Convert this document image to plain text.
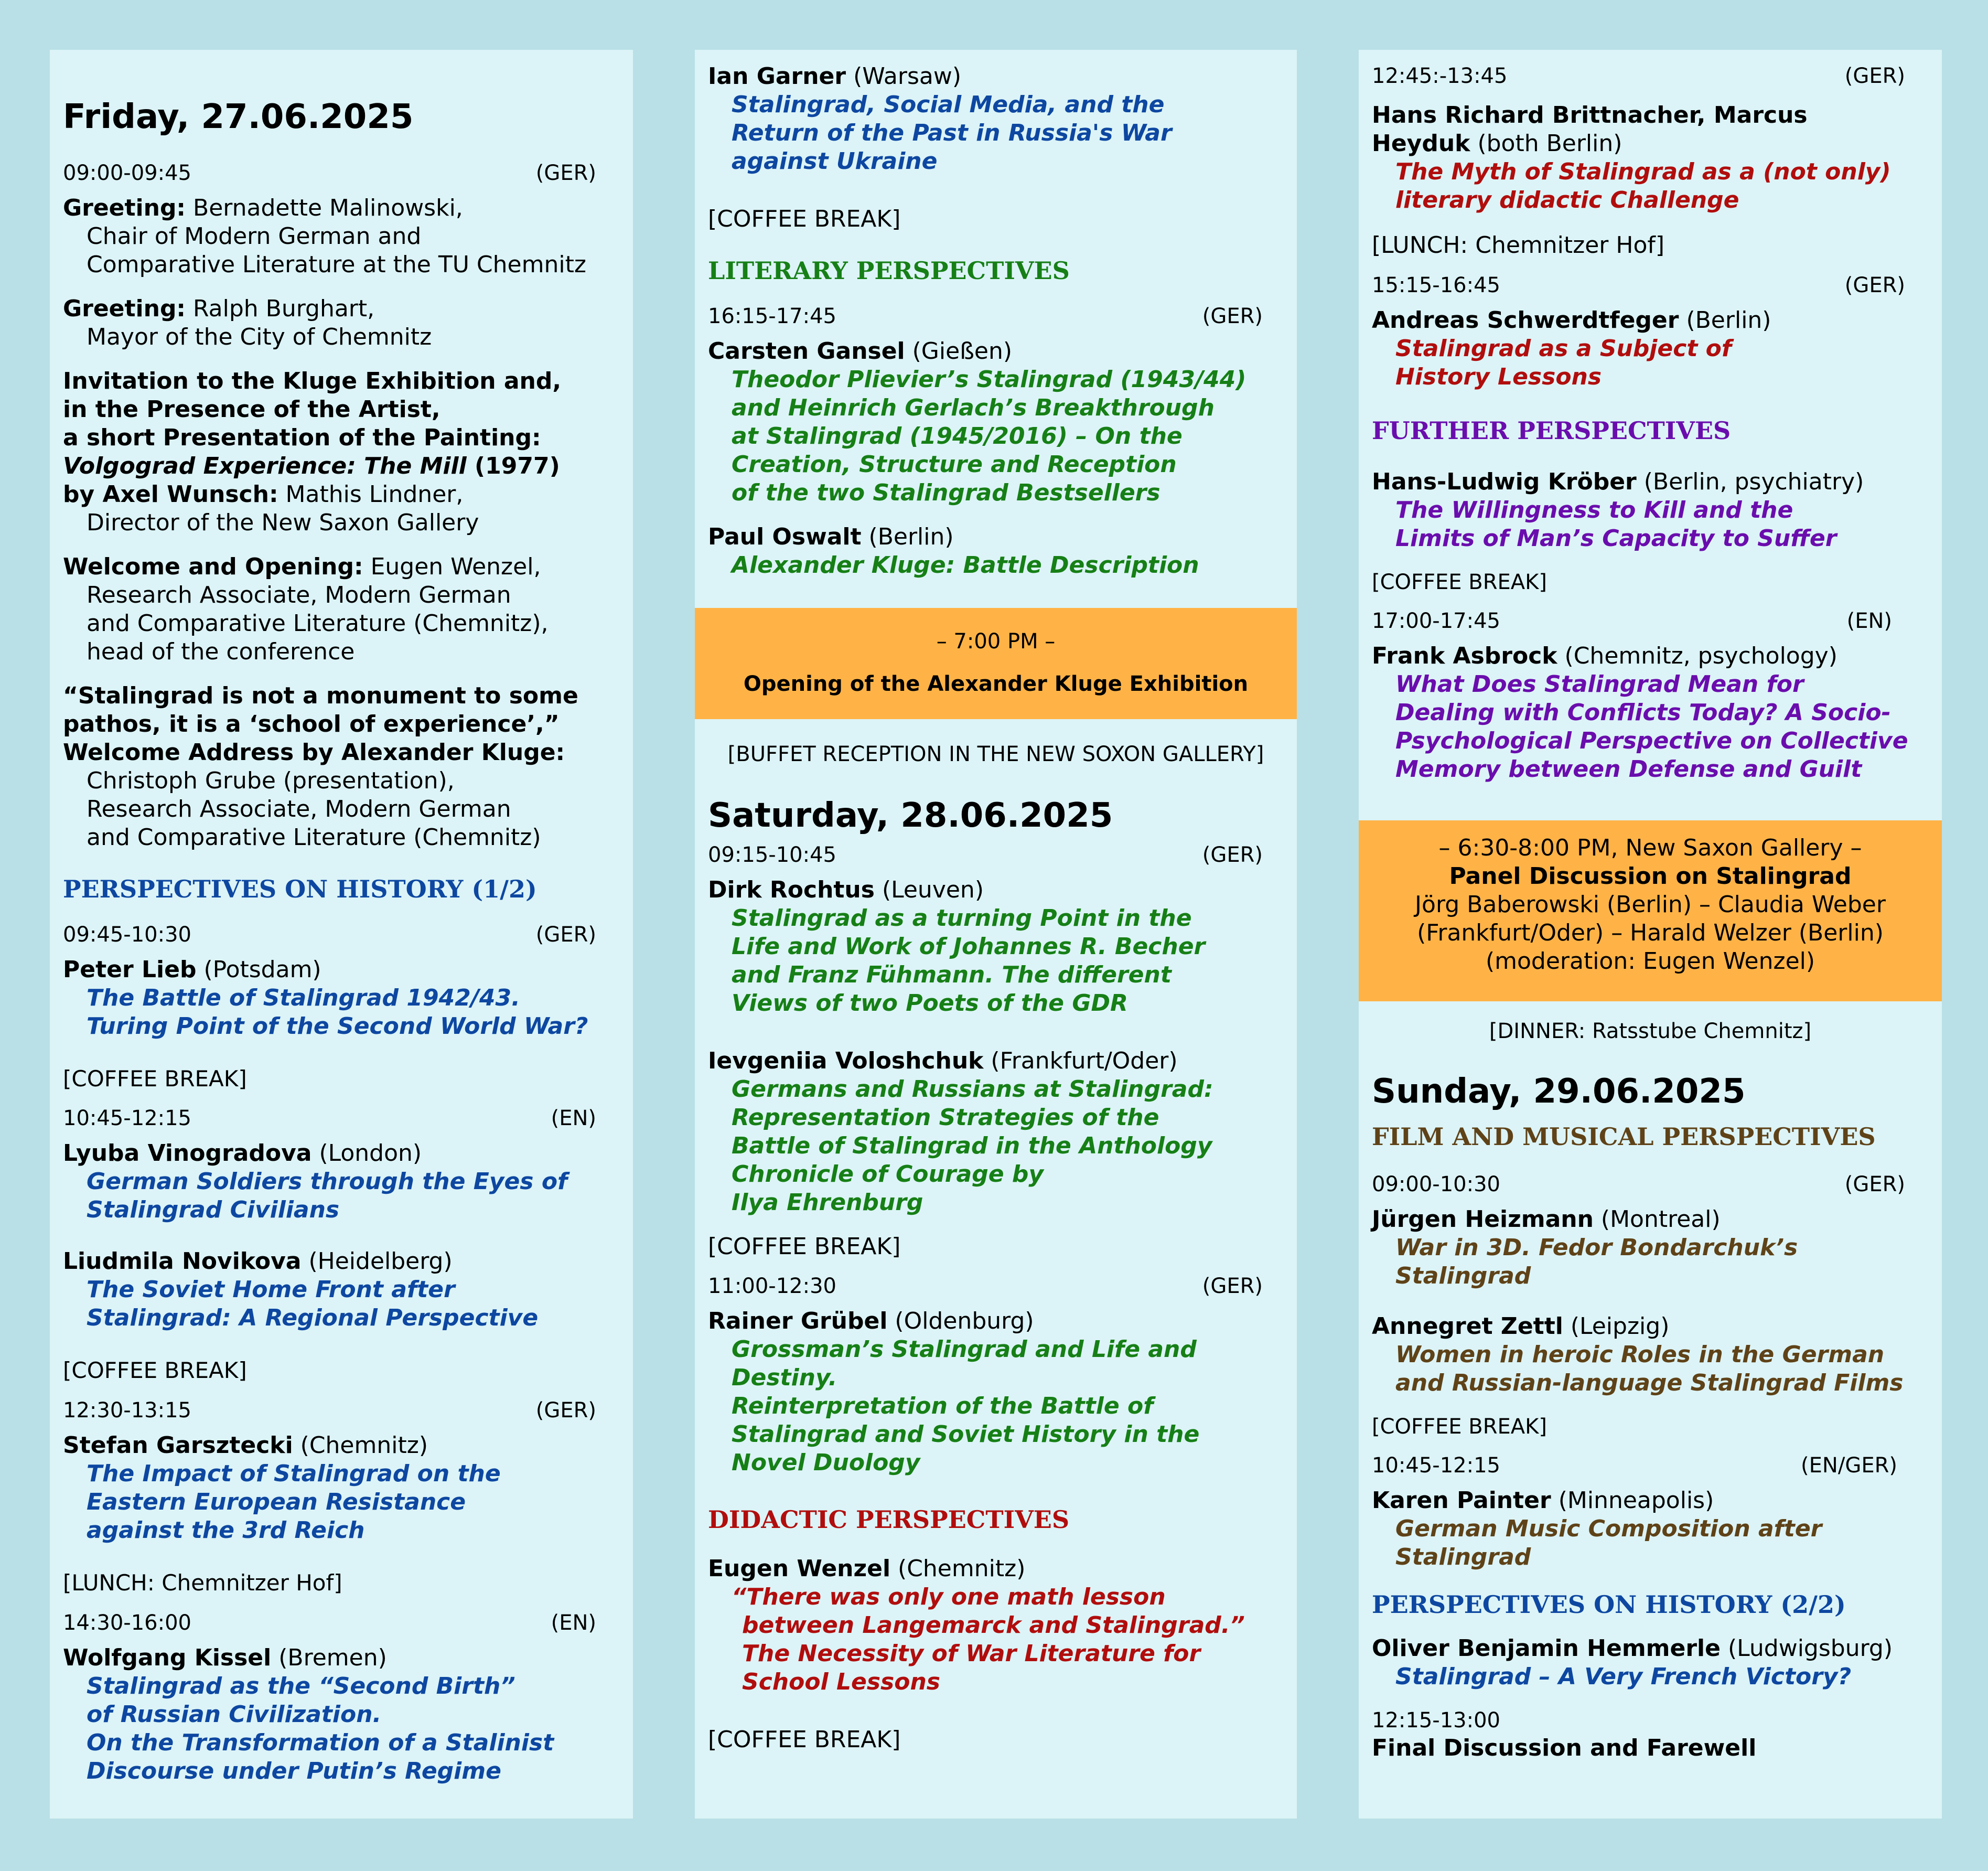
Friday, 27.06.2025
09:00-09:45	(GER)
Greeting: Bernadette Malinowski,
Chair of Modern German and
Comparative Literature at the TU Chemnitz
Greeting: Ralph Burghart,
Mayor of the City of Chemnitz
Invitation to the Kluge Exhibition and,
in the Presence of the Artist,
a short Presentation of the Painting:
Volgograd Experience: The Mill (1977)
by Axel Wunsch: Mathis Lindner,
Director of the New Saxon Gallery
Welcome and Opening: Eugen Wenzel,
Research Associate, Modern German
and Comparative Literature (Chemnitz),
head of the conference
“Stalingrad is not a monument to some
pathos, it is a ‘school of experience’,”
Welcome Address by Alexander Kluge:
Christoph Grube (presentation),
Research Associate, Modern German
and Comparative Literature (Chemnitz)
PERSPECTIVES ON HISTORY (1/2)
09:45-10:30	(GER)
Peter Lieb (Potsdam)
The Battle of Stalingrad 1942/43.
Turing Point of the Second World War?
[COFFEE BREAK]
10:45-12:15	(EN)
Lyuba Vinogradova (London)
German Soldiers through the Eyes of
Stalingrad Civilians
Liudmila Novikova (Heidelberg)
The Soviet Home Front after
Stalingrad: A Regional Perspective
[COFFEE BREAK]
12:30-13:15	(GER)
Stefan Garsztecki (Chemnitz)
The Impact of Stalingrad on the
Eastern European Resistance
against the 3rd Reich
[LUNCH: Chemnitzer Hof]
14:30-16:00	(EN)
Wolfgang Kissel (Bremen)
Stalingrad as the “Second Birth”
of Russian Civilization.
On the Transformation of a Stalinist
Discourse under Putin’s Regime
Ian Garner (Warsaw)
Stalingrad, Social Media, and the
Return of the Past in Russia's War
against Ukraine
[COFFEE BREAK]
LITERARY PERSPECTIVES
16:15-17:45	(GER)
Carsten Gansel (Gießen)
Theodor Plievier’s Stalingrad (1943/44)
and Heinrich Gerlach’s Breakthrough
at Stalingrad (1945/2016) – On the
Creation, Structure and Reception
of the two Stalingrad Bestsellers
Paul Oswalt (Berlin)
Alexander Kluge: Battle Description
– 7:00 PM –
Opening of the Alexander Kluge Exhibition
[BUFFET RECEPTION IN THE NEW SOXON GALLERY]
Saturday, 28.06.2025
09:15-10:45	(GER)
Dirk Rochtus (Leuven)
Stalingrad as a turning Point in the
Life and Work of Johannes R. Becher
and Franz Fühmann. The different
Views of two Poets of the GDR
Ievgeniia Voloshchuk (Frankfurt/Oder)
Germans and Russians at Stalingrad:
Representation Strategies of the
Battle of Stalingrad in the Anthology
Chronicle of Courage by
Ilya Ehrenburg
[COFFEE BREAK]
11:00-12:30	(GER)
Rainer Grübel (Oldenburg)
Grossman’s Stalingrad and Life and
Destiny.
Reinterpretation of the Battle of
Stalingrad and Soviet History in the
Novel Duology
DIDACTIC PERSPECTIVES
Eugen Wenzel (Chemnitz)
“There was only one math lesson
between Langemarck and Stalingrad.”
The Necessity of War Literature for
School Lessons
[COFFEE BREAK]
12:45:-13:45	(GER)
Hans Richard Brittnacher, Marcus
Heyduk (both Berlin)
The Myth of Stalingrad as a (not only)
literary didactic Challenge
[LUNCH: Chemnitzer Hof]
15:15-16:45	(GER)
Andreas Schwerdtfeger (Berlin)
Stalingrad as a Subject of
History Lessons
FURTHER PERSPECTIVES
Hans-Ludwig Kröber (Berlin, psychiatry)
The Willingness to Kill and the
Limits of Man’s Capacity to Suffer
[COFFEE BREAK]
17:00-17:45	(EN)
Frank Asbrock (Chemnitz, psychology)
What Does Stalingrad Mean for
Dealing with Conflicts Today? A Socio-
Psychological Perspective on Collective
Memory between Defense and Guilt
– 6:30-8:00 PM, New Saxon Gallery –
Panel Discussion on Stalingrad
Jörg Baberowski (Berlin) – Claudia Weber
(Frankfurt/Oder) – Harald Welzer (Berlin)
(moderation: Eugen Wenzel)
[DINNER: Ratsstube Chemnitz]
Sunday, 29.06.2025
FILM AND MUSICAL PERSPECTIVES
09:00-10:30	(GER)
Jürgen Heizmann (Montreal)
War in 3D. Fedor Bondarchuk’s
Stalingrad
Annegret Zettl (Leipzig)
Women in heroic Roles in the German
and Russian-language Stalingrad Films
[COFFEE BREAK]
10:45-12:15	(EN/GER)
Karen Painter (Minneapolis)
German Music Composition after
Stalingrad
PERSPECTIVES ON HISTORY (2/2)
Oliver Benjamin Hemmerle (Ludwigsburg)
Stalingrad – A Very French Victory?
12:15-13:00
Final Discussion and Farewell
